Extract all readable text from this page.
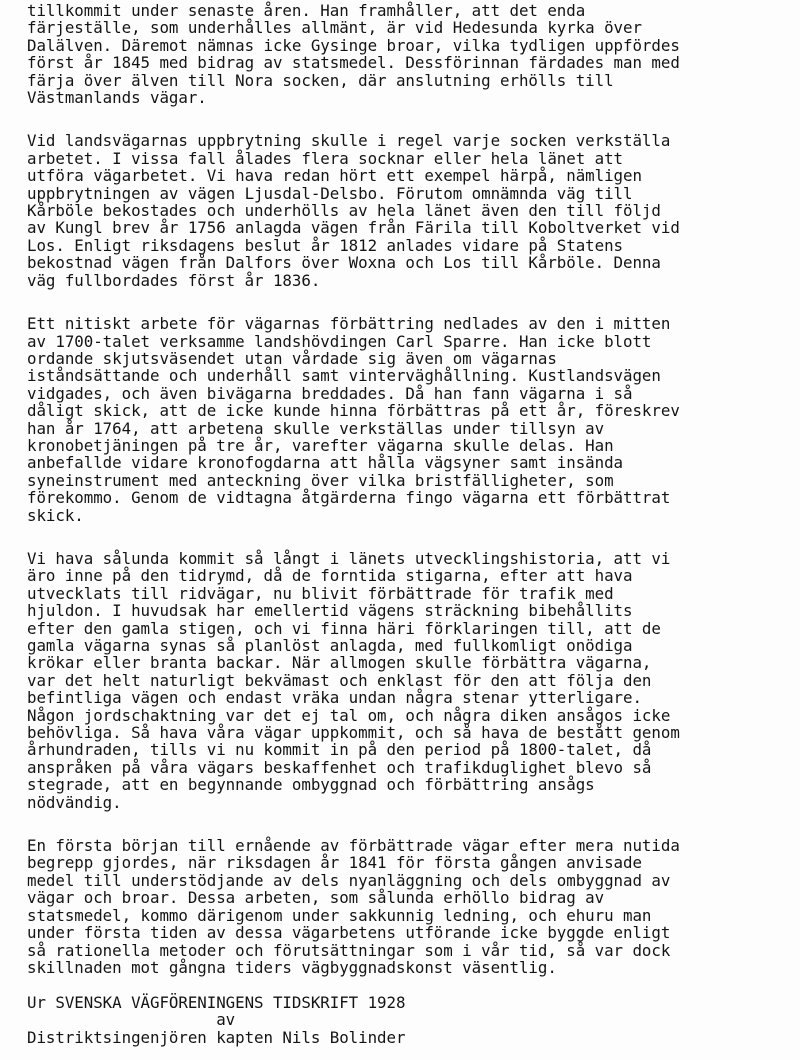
tillkommit under senaste åren. Han framhåller, att det enda
färjeställe, som underhålles allmänt, är vid Hedesunda kyrka över
Dalälven. Däremot nämnas icke Gysinge broar, vilka tydligen uppfördes
först år 1845 med bidrag av statsmedel. Dessförinnan färdades man med
färja över älven till Nora socken, där anslutning erhölls till
Västmanlands vägar.
Vid landsvägarnas uppbrytning skulle i regel varje socken verkställa
arbetet. I vissa fall ålades flera socknar eller hela länet att
utföra vägarbetet. Vi hava redan hört ett exempel härpå, nämligen
uppbrytningen av vägen Ljusdal-Delsbo. Förutom omnämnda väg till
Kårböle bekostades och underhölls av hela länet även den till följd
av Kungl brev år 1756 anlagda vägen från Färila till Koboltverket vid
Los. Enligt riksdagens beslut år 1812 anlades vidare på Statens
bekostnad vägen från Dalfors över Woxna och Los till Kårböle. Denna
väg fullbordades först år 1836.
Ett nitiskt arbete för vägarnas förbättring nedlades av den i mitten
av 1700-talet verksamme landshövdingen Carl Sparre. Han icke blott
ordande skjutsväsendet utan vårdade sig även om vägarnas
iståndsättande och underhåll samt vinterväghållning. Kustlandsvägen
vidgades, och även bivägarna breddades. Då han fann vägarna i så
dåligt skick, att de icke kunde hinna förbättras på ett år, föreskrev
han år 1764, att arbetena skulle verkställas under tillsyn av
kronobetjäningen på tre år, varefter vägarna skulle delas. Han
anbefallde vidare kronofogdarna att hålla vägsyner samt insända
syneinstrument med anteckning över vilka bristfälligheter, som
förekommo. Genom de vidtagna åtgärderna fingo vägarna ett förbättrat
skick.
Vi hava sålunda kommit så långt i länets utvecklingshistoria, att vi
äro inne på den tidrymd, då de forntida stigarna, efter att hava
utvecklats till ridvägar, nu blivit förbättrade för trafik med
hjuldon. I huvudsak har emellertid vägens sträckning bibehållits
efter den gamla stigen, och vi finna häri förklaringen till, att de
gamla vägarna synas så planlöst anlagda, med fullkomligt onödiga
krökar eller branta backar. När allmogen skulle förbättra vägarna,
var det helt naturligt bekvämast och enklast för den att följa den
befintliga vägen och endast vräka undan några stenar ytterligare.
Någon jordschaktning var det ej tal om, och några diken ansågos icke
behövliga. Så hava våra vägar uppkommit, och så hava de bestått genom
århundraden, tills vi nu kommit in på den period på 1800-talet, då
anspråken på våra vägars beskaffenhet och trafikduglighet blevo så
stegrade, att en begynnande ombyggnad och förbättring ansågs
nödvändig.
En första början till ernående av förbättrade vägar efter mera nutida
begrepp gjordes, när riksdagen år 1841 för första gången anvisade
medel till understödjande av dels nyanläggning och dels ombyggnad av
vägar och broar. Dessa arbeten, som sålunda erhöllo bidrag av
statsmedel, kommo därigenom under sakkunnig ledning, och ehuru man
under första tiden av dessa vägarbetens utförande icke byggde enligt
så rationella metoder och förutsättningar som i vår tid, så var dock
skillnaden mot gångna tiders vägbyggnadskonst väsentlig.
Ur SVENSKA VÄGFÖRENINGENS TIDSKRIFT 1928
av
Distriktsingenjören kapten Nils Bolinder
